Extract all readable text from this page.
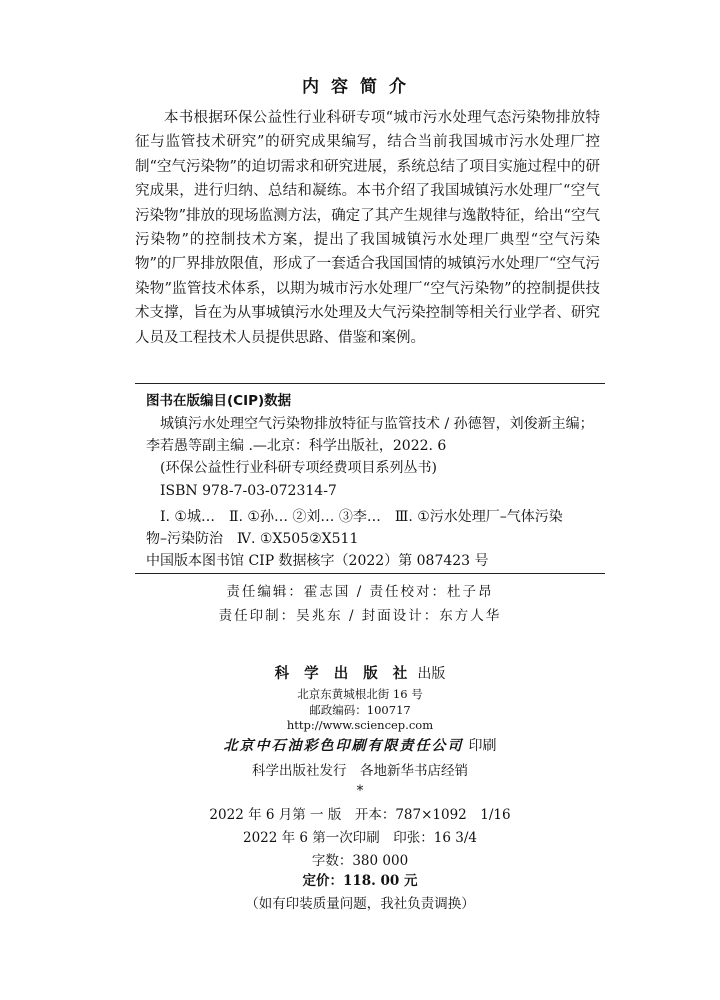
内容简介

本书根据环保公益性行业科研专项“城市污水处理气态污染物排放特征与监管技术研究”的研究成果编写，结合当前我国城市污水处理厂控制“空气污染物”的迫切需求和研究进展，系统总结了项目实施过程中的研究成果，进行归纳、总结和凝练。本书介绍了我国城镇污水处理厂“空气污染物”排放的现场监测方法，确定了其产生规律与逸散特征，给出“空气污染物”的控制技术方案，提出了我国城镇污水处理厂典型“空气污染物”的厂界排放限值，形成了一套适合我国国情的城镇污水处理厂“空气污染物”监管技术体系，以期为城市污水处理厂“空气污染物”的控制提供技术支撑，旨在为从事城镇污水处理及大气污染控制等相关行业学者、研究人员及工程技术人员提供思路、借鉴和案例。

图书在版编目(CIP)数据
城镇污水处理空气污染物排放特征与监管技术 / 孙德智，刘俊新主编；
李若愚等副主编 .—北京：科学出版社，2022. 6
(环保公益性行业科研专项经费项目系列丛书)
ISBN 978-7-03-072314-7
Ⅰ. ①城…　Ⅱ. ①孙… ②刘… ③李…　Ⅲ. ①污水处理厂–气体污染
物–污染防治　Ⅳ. ①X505②X511
中国版本图书馆 CIP 数据核字（2022）第 087423 号
责任编辑：霍志国 / 责任校对：杜子昂
责任印制：吴兆东 / 封面设计：东方人华
科 学 出 版 社 出版
北京东黄城根北街 16 号
邮政编码：100717
http://www.sciencep.com
北京中石油彩色印刷有限责任公司 印刷
科学出版社发行　各地新华书店经销
*
2022 年 6 月第 一 版　开本：787×1092　1/16
2022 年 6 第一次印刷　印张：16 3/4
字数：380 000
定价：118. 00 元
（如有印装质量问题，我社负责调换）
